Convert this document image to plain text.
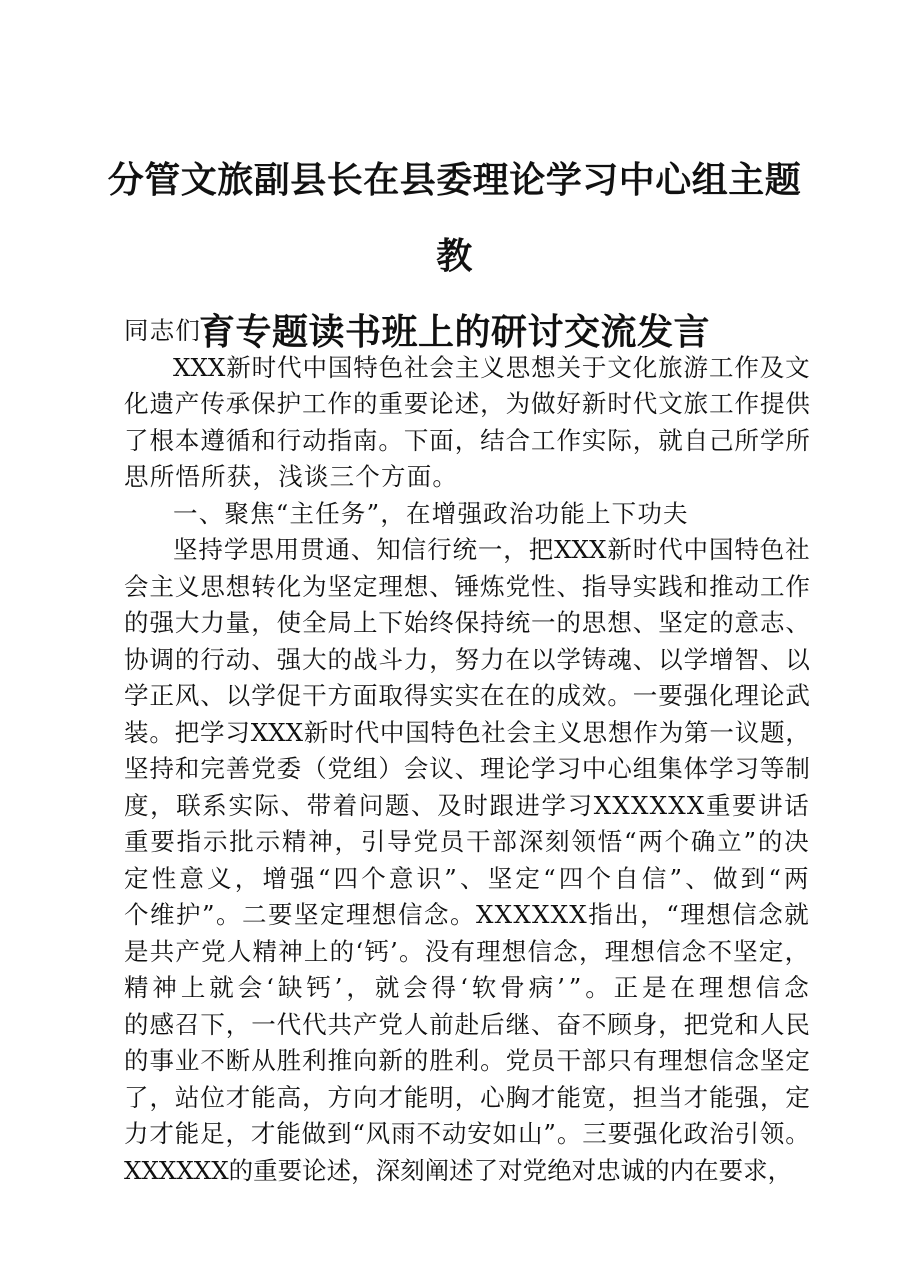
分管文旅副县长在县委理论学习中心组主题教
育专题读书班上的研讨交流发言
同志们：
XXX 新 时 代 中 国 特 色 社 会 主 义 思 想 关 于 文 化 旅 游 工 作 及 文
化 遗 产 传 承 保 护 工 作 的 重 要 论 述 ， 为 做 好 新 时 代 文 旅 工 作 提 供
了 根 本 遵 循 和 行 动 指 南 。 下 面 ， 结 合 工 作 实 际 ， 就 自 己 所 学 所
思所悟所获，浅谈三个方面。
一、聚焦“主任务”，在增强政治功能上下功夫
坚 持 学 思 用 贯 通 、 知 信 行 统 一 ， 把 XXX 新 时 代 中 国 特 色 社
会 主 义 思 想 转 化 为 坚 定 理 想 、 锤 炼 党 性 、 指 导 实 践 和 推 动 工 作
的 强 大 力 量 ， 使 全 局 上 下 始 终 保 持 统 一 的 思 想 、 坚 定 的 意 志 、
协 调 的 行 动 、 强 大 的 战 斗 力 ， 努 力 在 以 学 铸 魂 、 以 学 增 智 、 以
学 正 风 、 以 学 促 干 方 面 取 得 实 实 在 在 的 成 效 。 一 要 强 化 理 论 武
装 。 把 学 习 XXX 新 时 代 中 国 特 色 社 会 主 义 思 想 作 为 第 一 议 题 ，
坚 持 和 完 善 党 委 （ 党 组 ） 会 议 、 理 论 学 习 中 心 组 集 体 学 习 等 制
度 ， 联 系 实 际 、 带 着 问 题 、 及 时 跟 进 学 习 XXXXXX 重 要 讲 话
重 要 指 示 批 示 精 神 ， 引 导 党 员 干 部 深 刻 领 悟 “ 两 个 确 立 ” 的 决
定 性 意 义 ， 增 强 “ 四 个 意 识 ” 、 坚 定 “ 四 个 自 信 ” 、 做 到 “ 两
个 维 护 ” 。 二 要 坚 定 理 想 信 念 。 XXXXXX 指 出 ， “ 理 想 信 念 就
是 共 产 党 人 精 神 上 的 ‘ 钙 ’ 。 没 有 理 想 信 念 ， 理 想 信 念 不 坚 定 ，
精 神 上 就 会 ‘ 缺 钙 ’ ， 就 会 得 ‘ 软 骨 病 ’ ” 。 正 是 在 理 想 信 念
的 感 召 下 ， 一 代 代 共 产 党 人 前 赴 后 继 、 奋 不 顾 身 ， 把 党 和 人 民
的 事 业 不 断 从 胜 利 推 向 新 的 胜 利 。 党 员 干 部 只 有 理 想 信 念 坚 定
了 ， 站 位 才 能 高 ， 方 向 才 能 明 ， 心 胸 才 能 宽 ， 担 当 才 能 强 ， 定
力 才 能 足 ， 才 能 做 到 “ 风 雨 不 动 安 如 山 ” 。 三 要 强 化 政 治 引 领 。
XXXXXX的重要论述，深刻阐述了对党绝对忠诚的内在要求，
